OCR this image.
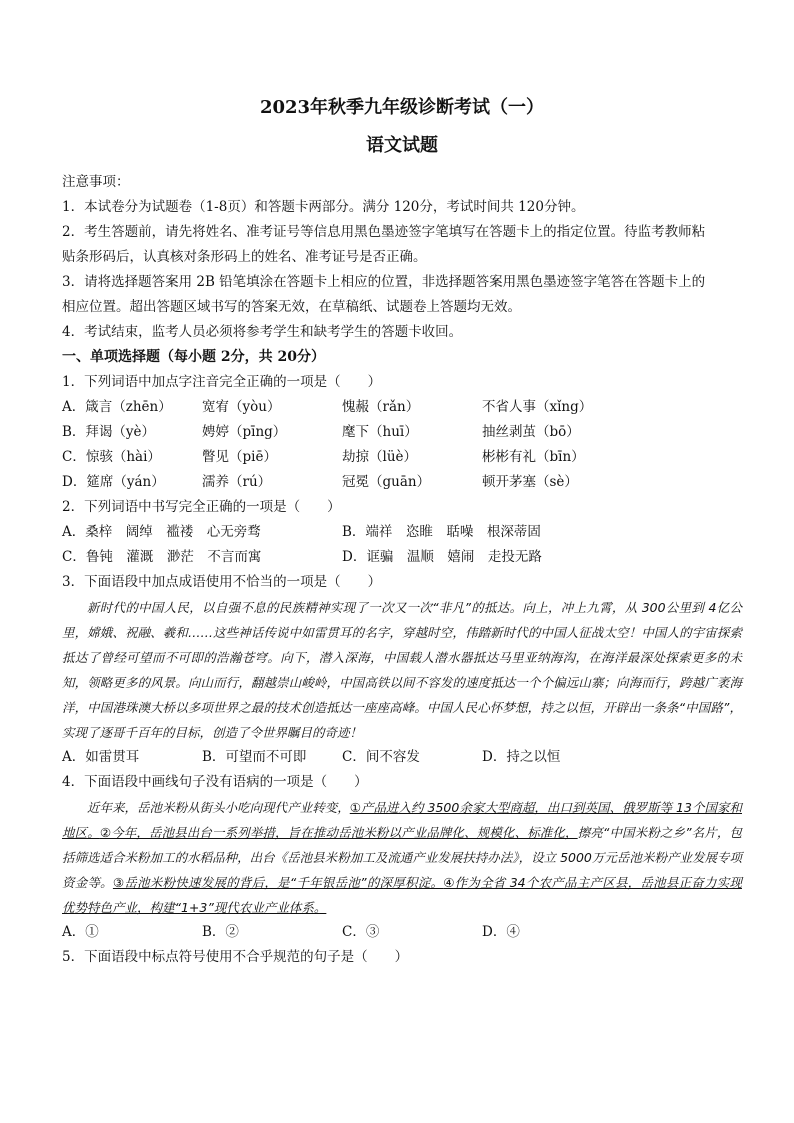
2023年秋季九年级诊断考试（一）
语文试题
注意事项：
1．本试卷分为试题卷（1-8页）和答题卡两部分。满分 120分，考试时间共 120分钟。
2．考生答题前，请先将姓名、准考证号等信息用黑色墨迹签字笔填写在答题卡上的指定位置。待监考教师粘
贴条形码后，认真核对条形码上的姓名、准考证号是否正确。
3．请将选择题答案用 2B 铅笔填涂在答题卡上相应的位置，非选择题答案用黑色墨迹签字笔答在答题卡上的
相应位置。超出答题区域书写的答案无效，在草稿纸、试题卷上答题均无效。
4．考试结束，监考人员必须将参考学生和缺考学生的答题卡收回。
一、单项选择题（每小题 2分，共 20分）
1．下列词语中加点字注音完全正确的一项是（　　）
A．箴言（zhēn）	宽宥（yòu）	愧赧（rǎn）	不省人事（xǐng）
B．拜谒（yè）	娉婷（pīng）	麾下（huī）	抽丝剥茧（bō）
C．惊骇（hài）	瞥见（piē）	劫掠（lüè）	彬彬有礼（bīn）
D．筵席（yán）	濡养（rú）	冠冕（guān）	顿开茅塞（sè）
2．下列词语中书写完全正确的一项是（　　）
A．桑梓　阔绰　褴褛　心无旁骛	B．端祥　恣睢　聒噪　根深蒂固
C．鲁钝　灌溉　渺茫　不言而寓	D．诓骗　温顺　嬉闹　走投无路
3．下面语段中加点成语使用不恰当的一项是（　　）
新时代的中国人民，以自强不息的民族精神实现了一次又一次“非凡”的抵达。向上，冲上九霄，从 300公里到 4亿公里，嫦娥、祝融、羲和……这些神话传说中如雷贯耳的名字，穿越时空，伟踏新时代的中国人征战太空！中国人的宇宙探索抵达了曾经可望而不可即的浩瀚苍穹。向下，潜入深海，中国载人潜水器抵达马里亚纳海沟，在海洋最深处探索更多的未知，领略更多的风景。向山而行，翻越崇山峻岭，中国高铁以间不容发的速度抵达一个个偏远山寨；向海而行，跨越广袤海洋，中国港珠澳大桥以多项世界之最的技术创造抵达一座座高峰。中国人民心怀梦想，持之以恒，开辟出一条条“中国路”，实现了逐哥千百年的目标，创造了令世界瞩目的奇迹！
A．如雷贯耳	B．可望而不可即	C．间不容发	D．持之以恒
4．下面语段中画线句子没有语病的一项是（　　）
近年来，岳池米粉从街头小吃向现代产业转变，①产品进入约 3500余家大型商超，出口到英国、俄罗斯等 13个国家和地区。②今年，岳池县出台一系列举措，旨在推动岳池米粉以产业品牌化、规模化、标准化，擦亮“中国米粉之乡”名片，包括筛选适合米粉加工的水稻品种，出台《岳池县米粉加工及流通产业发展扶持办法》，设立 5000万元岳池米粉产业发展专项资金等。③岳池米粉快速发展的背后，是“千年银岳池”的深厚积淀。④作为全省 34个农产品主产区县，岳池县正奋力实现优势特色产业，构建“1+3”现代农业产业体系。
A．①	B．②	C．③	D．④
5．下面语段中标点符号使用不合乎规范的句子是（　　）
